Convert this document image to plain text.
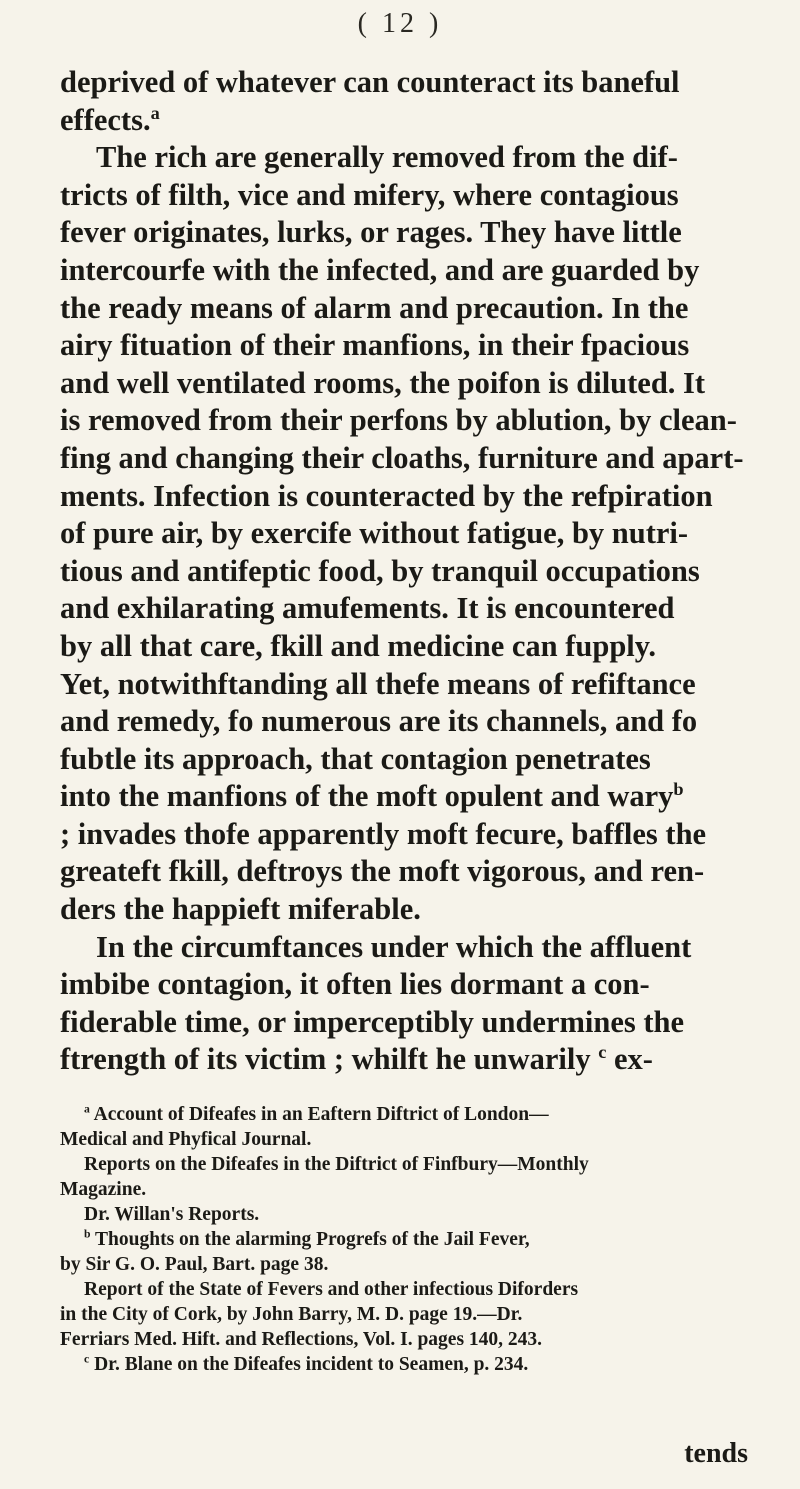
( 12 )

deprived of whatever can counteract its baneful
effects.$^a$

The rich are generally removed from the dif-
tricts of filth, vice and mifery, where contagious
fever originates, lurks, or rages. They have little
intercourfe with the infected, and are guarded by
the ready means of alarm and precaution. In the
airy fituation of their manfions, in their fpacious
and well ventilated rooms, the poifon is diluted. It
is removed from their perfons by ablution, by clean-
fing and changing their cloaths, furniture and apart-
ments. Infection is counteracted by the refpiration
of pure air, by exercife without fatigue, by nutri-
tious and antifeptic food, by tranquil occupations
and exhilarating amufements. It is encountered
by all that care, fkill and medicine can fupply.
Yet, notwithftanding all thefe means of refiftance
and remedy, fo numerous are its channels, and fo
fubtle its approach, that contagion penetrates
into the manfions of the moft opulent and wary$^b$
; invades thofe apparently moft fecure, baffles the
greateft fkill, deftroys the moft vigorous, and ren-
ders the happieft miferable.

In the circumftances under which the affluent
imbibe contagion, it often lies dormant a con-
fiderable time, or imperceptibly undermines the
ftrength of its victim ; whilft he unwarily $^c$ ex-

$^a$ Account of Difeafes in an Eaftern Diftrict of London—
Medical and Phyfical Journal.
Reports on the Difeafes in the Diftrict of Finfbury—Monthly
Magazine.
Dr. Willan's Reports.
$^b$ Thoughts on the alarming Progrefs of the Jail Fever,
by Sir G. O. Paul, Bart. page 38.
Report of the State of Fevers and other infectious Diforders
in the City of Cork, by John Barry, M. D. page 19.—Dr.
Ferriars Med. Hift. and Reflections, Vol. I. pages 140, 243.
$^c$ Dr. Blane on the Difeafes incident to Seamen, p. 234.
tends
